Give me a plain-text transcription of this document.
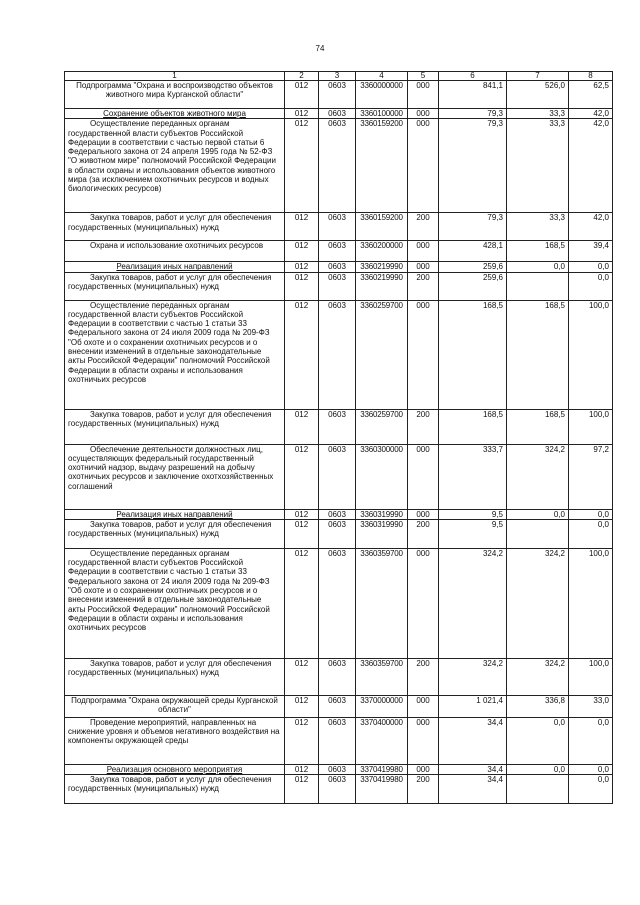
74
1	2	3	4	5	6	7	8
Подпрограмма "Охрана и воспроизводство объектов животного мира Курганской области"	012	0603	3360000000	000	841,1	526,0	62,5
Сохранение объектов животного мира	012	0603	3360100000	000	79,3	33,3	42,0
Осуществление переданных органам государственной власти субъектов Российской Федерации в соответствии с частью первой статьи 6 Федерального закона от 24 апреля 1995 года № 52-ФЗ "О животном мире" полномочий Российской Федерации в области охраны и использования объектов животного мира (за исключением охотничьих ресурсов и водных биологических ресурсов)	012	0603	3360159200	000	79,3	33,3	42,0
Закупка товаров, работ и услуг для обеспечения государственных (муниципальных) нужд	012	0603	3360159200	200	79,3	33,3	42,0
Охрана и использование охотничьих ресурсов	012	0603	3360200000	000	428,1	168,5	39,4
Реализация иных направлений	012	0603	3360219990	000	259,6	0,0	0,0
Закупка товаров, работ и услуг для обеспечения государственных (муниципальных) нужд	012	0603	3360219990	200	259,6		0,0
Осуществление переданных органам государственной власти субъектов Российской Федерации в соответствии с частью 1 статьи 33 Федерального закона от 24 июля 2009 года № 209-ФЗ "Об охоте и о сохранении охотничьих ресурсов и о внесении изменений в отдельные законодательные акты Российской Федерации" полномочий Российской Федерации в области охраны и использования охотничьих ресурсов	012	0603	3360259700	000	168,5	168,5	100,0
Закупка товаров, работ и услуг для обеспечения государственных (муниципальных) нужд	012	0603	3360259700	200	168,5	168,5	100,0
Обеспечение деятельности должностных лиц, осуществляющих федеральный государственный охотничий надзор, выдачу разрешений на добычу охотничьих ресурсов и заключение охотхозяйственных соглашений	012	0603	3360300000	000	333,7	324,2	97,2
Реализация иных направлений	012	0603	3360319990	000	9,5	0,0	0,0
Закупка товаров, работ и услуг для обеспечения государственных (муниципальных) нужд	012	0603	3360319990	200	9,5		0,0
Осуществление переданных органам государственной власти субъектов Российской Федерации в соответствии с частью 1 статьи 33 Федерального закона от 24 июля 2009 года № 209-ФЗ "Об охоте и о сохранении охотничьих ресурсов и о внесении изменений в отдельные законодательные акты Российской Федерации" полномочий Российской Федерации в области охраны и использования охотничьих ресурсов	012	0603	3360359700	000	324,2	324,2	100,0
Закупка товаров, работ и услуг для обеспечения государственных (муниципальных) нужд	012	0603	3360359700	200	324,2	324,2	100,0
Подпрограмма "Охрана окружающей среды Курганской области"	012	0603	3370000000	000	1 021,4	336,8	33,0
Проведение мероприятий, направленных на снижение уровня и объемов негативного воздействия на компоненты окружающей среды	012	0603	3370400000	000	34,4	0,0	0,0
Реализация основного мероприятия	012	0603	3370419980	000	34,4	0,0	0,0
Закупка товаров, работ и услуг для обеспечения государственных (муниципальных) нужд	012	0603	3370419980	200	34,4		0,0
